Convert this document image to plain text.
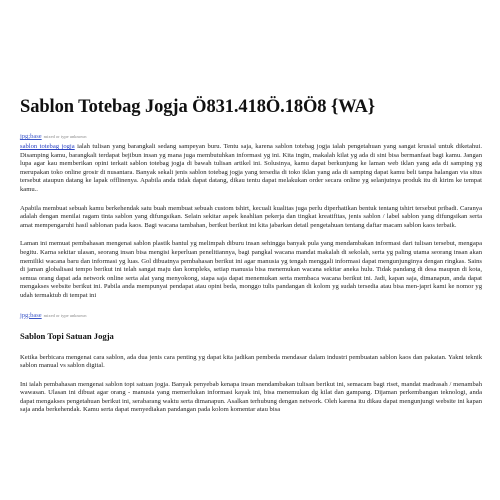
Sablon Totebag Jogja Ö831.418Ö.18Ö8 {WA}
jpg;base mixed or type unknown

sablon totebag jogja ialah tulisan yang barangkali sedang sampeyan buru. Tentu saja, karena sablon totebag jogja ialah pengetahuan yang sangat krusial untuk diketahui. Disamping kamu, barangkali terdapat bejibun insan yg mana juga membutuhkan informasi yg ini. Kita ingin, makalah kilat yg ada di sini bisa bermanfaat bagi kamu. Jangan lupa agar kau memberikan opini terkait sablon totebag jogja di bawah tulisan artikel ini. Solusinya, kamu dapat berkunjung ke laman web iklan yang ada di samping yg merupakan toko online grosir di nusantara. Banyak sekali jenis sablon totebag jogja yang tersedia di toko iklan yang ada di samping dapat kamu beli tanpa halangan via situs tersebut ataupun datang ke lapak offlinenya. Apabila anda tidak dapat datang, dikau tentu dapat melakukan order secara online yg selanjutnya produk itu di kirim ke tempat kamu..

Apabila membuat sebuah kamu berkehendak satu buah membuat sebuah custom tshirt, kecuali kualitas juga perlu diperhatikan bentuk tentang tshirt tersebut pribadi. Caranya adalah dengan menilai ragam tinta sablon yang difungsikan. Selain sekitar aspek keahlian pekerja dan tingkat kreatifitas, jenis sablon / label sablon yang difungsikan serta amat mempengaruhi hasil sablonan pada kaos. Bagi wacana tambahan, berikut berikut ini kita jabarkan detail pengetahuan tentang daftar macam sablon kaos terbaik.

Laman ini memuat pembahasan mengenai sablon plastik bantul yg melimpah diburu insan sehingga banyak pula yang mendambakan informasi dari tulisan tersebut, mengapa begitu. Karna sekitar ulasan, seorang insan bisa mengisi keperluan penelitiannya, bagi pangkal wacana mandat makalah di sekolah, serta yg paling utama seorang insan akan memiliki wacana baru dan informasi yg luas. Gol dibuatnya pembahasan berikut ini agar manusia yg tengah menggali informasi dapat mengunjunginya dengan ringkas. Sains di jaman globalisasi tempo berikut ini telah sangat maju dan kompleks, setiap manusia bisa menemukan wacana sekitar aneka hulu. Tidak pandang di desa maupun di kota, semua orang dapat ada network online serta alat yang menyokong, siapa saja dapat menemukan serta membaca wacana berikut ini. Jadi, kapan saja, dimanapun, anda dapat mengakses website berikut ini. Pabila anda mempunyai pendapat atau opini beda, monggo tulis pandangan di kolom yg sudah tersedia atau bisa men-japri kami ke nomor yg udah termaktub di tempat ini

jpg;base mixed or type unknown
Sablon Topi Satuan Jogja

Ketika berbicara mengenai cara sablon, ada dua jenis cara penting yg dapat kita jadikan pembeda mendasar dalam industri pembuatan sablon kaos dan pakaian. Yakni teknik sablon manual vs sablon digital.

Ini ialah pembahasan mengenai sablon topi satuan jogja. Banyak penyebab kenapa insan mendambakan tulisan berikut ini, semacam bagi riset, mandat madrasah / menambah wawasan. Ulasan ini dibuat agar orang - manusia yang memerlukan informasi kayak ini, bisa menemukan dg kilat dan gampang. Dijaman perkembangan teknologi, anda dapat mengakses pengetahuan berikut ini, serabarang waktu serta dimanapun. Asalkan terhubung dengan network. Oleh karena itu dikau dapat mengunjungi website ini kapan saja anda berkehendak. Kamu serta dapat menyediakan pandangan pada kolom komentar atau bisa
